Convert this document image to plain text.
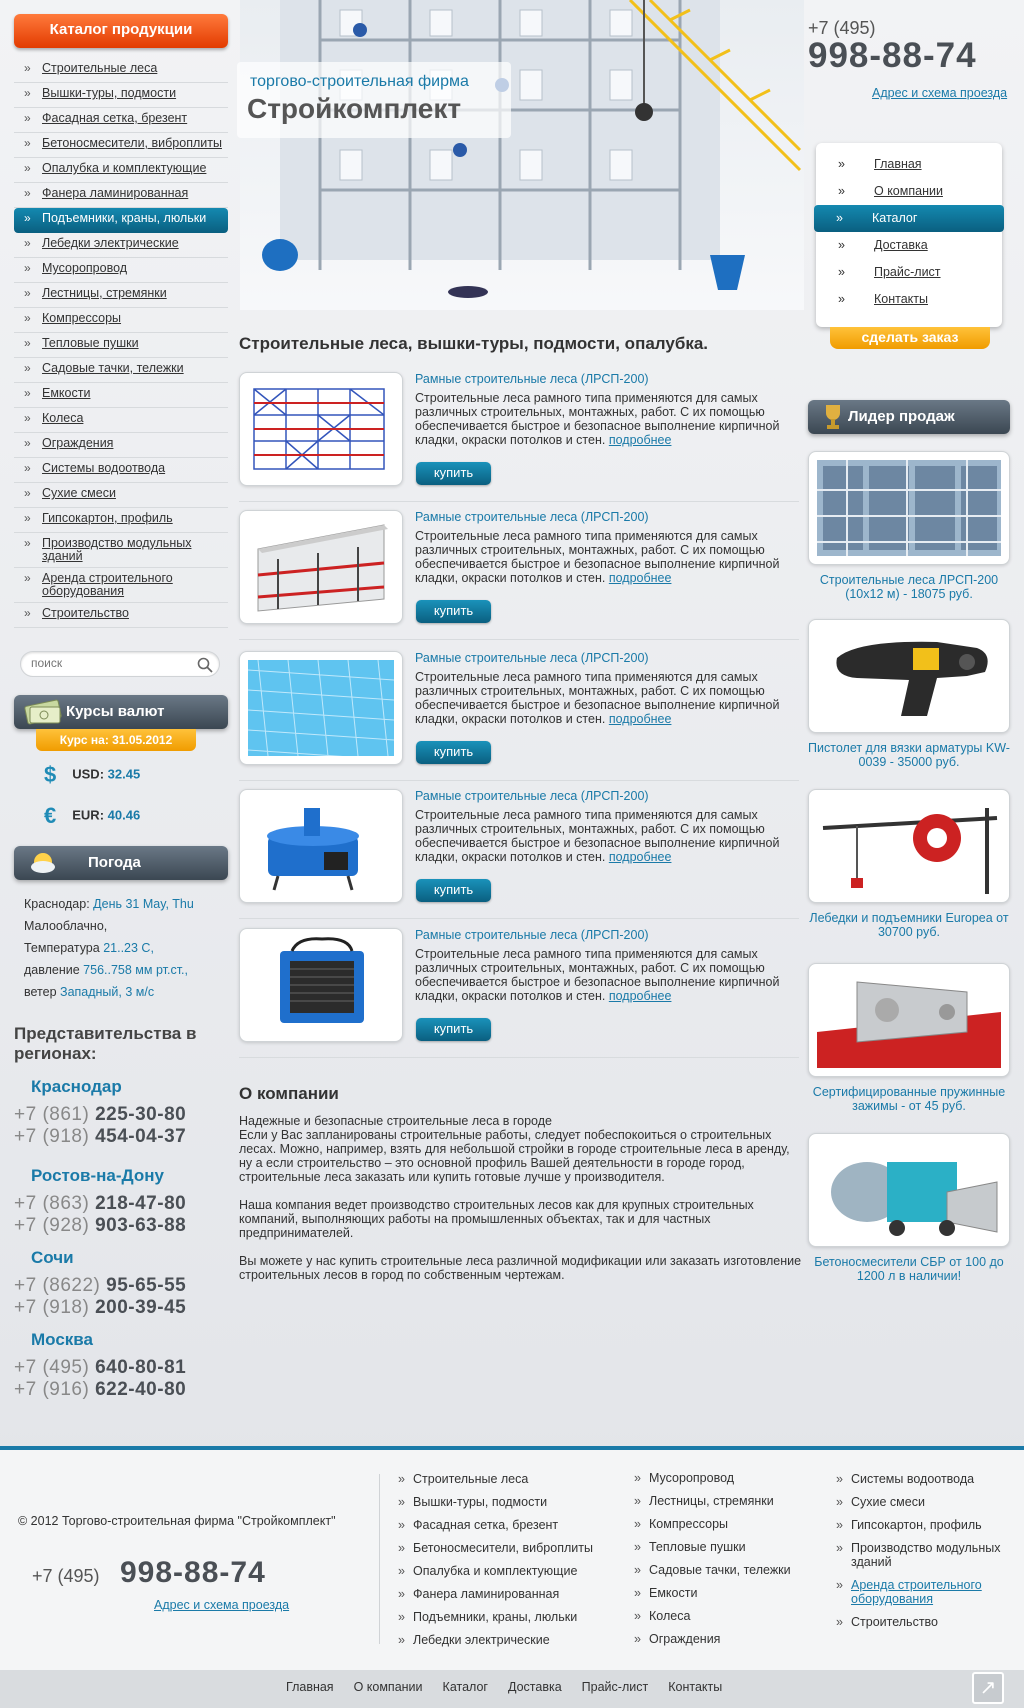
Каталог продукции
» Строительные леса
» Вышки-туры, подмости
» Фасадная сетка, брезент
» Бетоносмесители, виброплиты
» Опалубка и комплектующие
» Фанера ламинированная
» Подъемники, краны, люльки
» Лебедки электрические
» Мусоропровод
» Лестницы, стремянки
» Компрессоры
» Тепловые пушки
» Садовые тачки, тележки
» Емкости
» Колеса
» Ограждения
» Системы водоотвода
» Сухие смеси
» Гипсокартон, профиль
» Производство модульных зданий
» Аренда строительного оборудования
» Строительство
поиск
Курсы валют
Курс на: 31.05.2012
$ USD: 32.45
€ EUR: 40.46
Погода
Краснодар: День 31 May, Thu
Малооблачно,
Температура 21..23 С,
давление 756..758 мм рт.ст.,
ветер Западный, 3 м/с
Представительства в регионах:
Краснодар
+7 (861) 225-30-80
+7 (918) 454-04-37
Ростов-на-Дону
+7 (863) 218-47-80
+7 (928) 903-63-88
Сочи
+7 (8622) 95-65-55
+7 (918) 200-39-45
Москва
+7 (495) 640-80-81
+7 (916) 622-40-80
торгово-строительная фирма
Стройкомплект
+7 (495)
998-88-74
Адрес и схема проезда
» Главная
» О компании
» Каталог
» Доставка
» Прайс-лист
» Контакты
сделать заказ
Строительные леса, вышки-туры, подмости, опалубка.
Рамные строительные леса (ЛРСП-200)
Строительные леса рамного типа применяются для самых различных строительных, монтажных, работ. С их помощью обеспечивается быстрое и безопасное выполнение кирпичной кладки, окраски потолков и стен. подробнее
купить
Рамные строительные леса (ЛРСП-200)
Строительные леса рамного типа применяются для самых различных строительных, монтажных, работ. С их помощью обеспечивается быстрое и безопасное выполнение кирпичной кладки, окраски потолков и стен. подробнее
купить
Рамные строительные леса (ЛРСП-200)
Строительные леса рамного типа применяются для самых различных строительных, монтажных, работ. С их помощью обеспечивается быстрое и безопасное выполнение кирпичной кладки, окраски потолков и стен. подробнее
купить
Рамные строительные леса (ЛРСП-200)
Строительные леса рамного типа применяются для самых различных строительных, монтажных, работ. С их помощью обеспечивается быстрое и безопасное выполнение кирпичной кладки, окраски потолков и стен. подробнее
купить
Рамные строительные леса (ЛРСП-200)
Строительные леса рамного типа применяются для самых различных строительных, монтажных, работ. С их помощью обеспечивается быстрое и безопасное выполнение кирпичной кладки, окраски потолков и стен. подробнее
купить
О компании

Надежные и безопасные строительные леса в городе
Если у Вас запланированы строительные работы, следует побеспокоиться о строительных лесах. Можно, например, взять для небольшой стройки в городе строительные леса в аренду, ну а если строительство – это основной профиль Вашей деятельности в городе город, строительные леса заказать или купить готовые лучше у производителя.

Наша компания ведет производство строительных лесов как для крупных строительных компаний, выполняющих работы на промышленных объектах, так и для частных предпринимателей.

Вы можете у нас купить строительные леса различной модификации или заказать изготовление строительных лесов в город по собственным чертежам.

Лидер продаж
Строительные леса ЛРСП-200 (10х12 м) - 18075 руб.
Пистолет для вязки арматуры KW-0039 - 35000 руб.
Лебедки и подъемники Europea от 30700 руб.
Сертифицированные пружинные зажимы - от 45 руб.
Бетоносмесители СБР от 100 до 1200 л в наличии!
© 2012 Торгово-строительная фирма "Стройкомплект"
+7 (495) 998-88-74
Адрес и схема проезда
» Строительные леса
» Вышки-туры, подмости
» Фасадная сетка, брезент
» Бетоносмесители, виброплиты
» Опалубка и комплектующие
» Фанера ламинированная
» Подъемники, краны, люльки
» Лебедки электрические
» Мусоропровод
» Лестницы, стремянки
» Компрессоры
» Тепловые пушки
» Садовые тачки, тележки
» Емкости
» Колеса
» Ограждения
» Системы водоотвода
» Сухие смеси
» Гипсокартон, профиль
» Производство модульных зданий
» Аренда строительного оборудования
» Строительство
Главная О компании Каталог Доставка Прайс-лист Контакты	↗
